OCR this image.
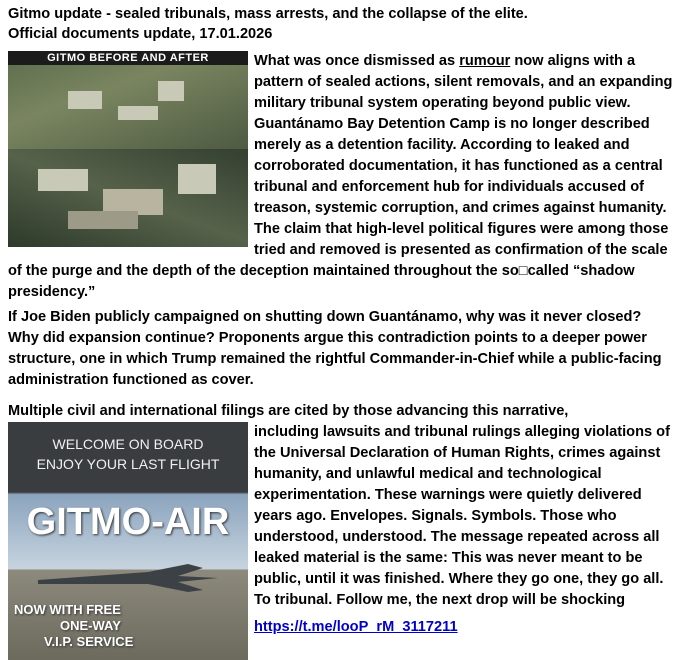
Gitmo update - sealed tribunals, mass arrests, and the collapse of the elite.
Official documents update, 17.01.2026
GITMO BEFORE AND AFTER	What was once dismissed as rumour now aligns with a pattern of sealed actions, silent removals, and an expanding military tribunal system operating beyond public view. Guantánamo Bay Detention Camp is no longer described merely as a detention facility. According to leaked and corroborated documentation, it has functioned as a central tribunal and enforcement hub for individuals accused of treason, systemic corruption, and crimes against humanity. The claim that high-level political figures were among those tried and removed is presented as confirmation of the scale of the purge and the depth of the deception maintained throughout the so□called “shadow presidency.”
If Joe Biden publicly campaigned on shutting down Guantánamo, why was it never closed? Why did expansion continue? Proponents argue this contradiction points to a deeper power structure, one in which Trump remained the rightful Commander-in-Chief while a public-facing administration functioned as cover.
Multiple civil and international filings are cited by those advancing this narrative,
WELCOME ON BOARD
ENJOY YOUR LAST FLIGHT
GITMO-AIR
NOW WITH FREE
ONE-WAY
V.I.P. SERVICE
including lawsuits and tribunal rulings alleging violations of the Universal Declaration of Human Rights, crimes against humanity, and unlawful medical and technological experimentation. These warnings were quietly delivered years ago. Envelopes. Signals. Symbols. Those who understood, understood. The message repeated across all leaked material is the same: This was never meant to be public, until it was finished. Where they go one, they go all. To tribunal. Follow me, the next drop will be shocking
https://t.me/looP_rM_3117211
